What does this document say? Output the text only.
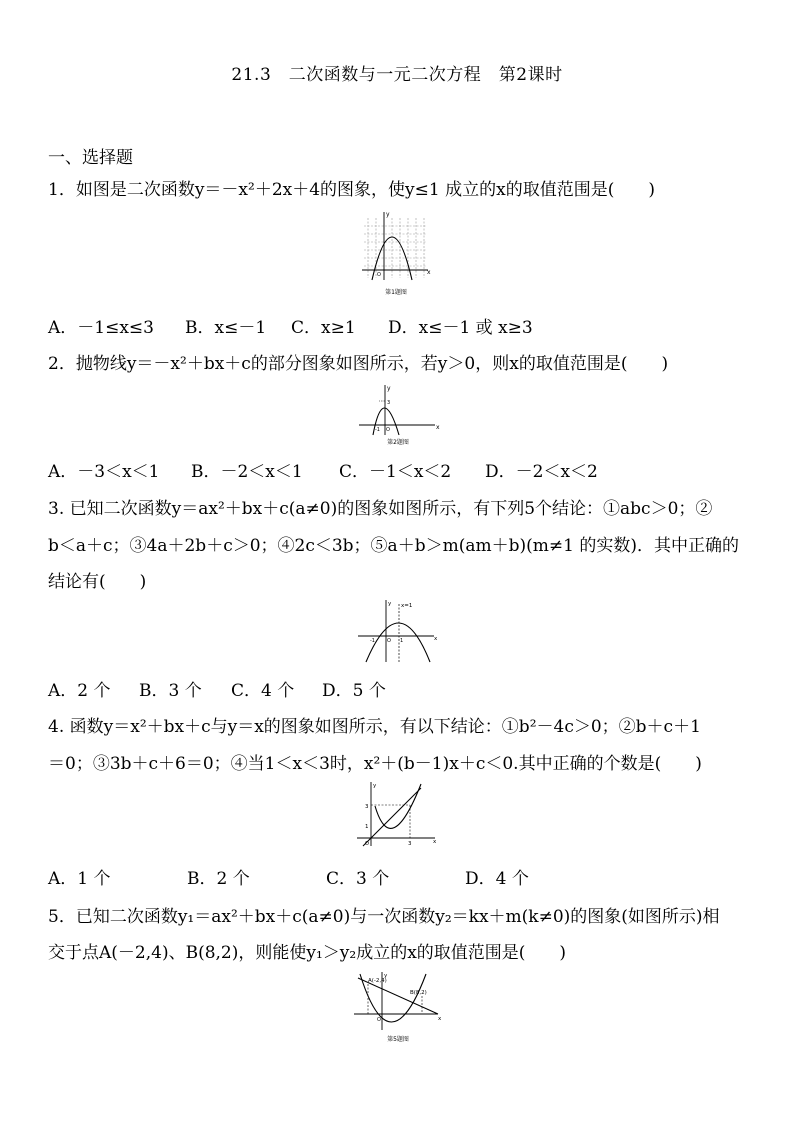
21.3　二次函数与一元二次方程　第2课时
一、选择题
1．如图是二次函数y＝－x²＋2x＋4的图象，使y≤1 成立的x的取值范围是(　　)
x
y
O
第1题图
A．－1≤x≤3 B．x≤－1 C．x≥1 D．x≤－1 或 x≥3
2．抛物线y＝－x²＋bx＋c的部分图象如图所示，若y＞0，则x的取值范围是(　　)
x
y
3
-1 O
第2题图
A．－3＜x＜1 B．－2＜x＜1 C．－1＜x＜2 D．－2＜x＜2
3. 已知二次函数y＝ax²＋bx＋c(a≠0)的图象如图所示，有下列5个结论：①abc＞0；②
b＜a＋c；③4a＋2b＋c＞0；④2c＜3b；⑤a＋b＞m(am＋b)(m≠1 的实数)．其中正确的
结论有(　　)
x=1
y
x
-1 O 1
A．2 个 B．3 个 C．4 个 D．5 个
4. 函数y＝x²＋bx＋c与y＝x的图象如图所示，有以下结论：①b²－4c＞0；②b＋c＋1
＝0；③3b＋c＋6＝0；④当1＜x＜3时，x²＋(b－1)x＋c＜0.其中正确的个数是(　　)
3
1
O	3
y
x
A．1 个	B．2 个	C．3 个	D．4 个
5．已知二次函数y₁＝ax²＋bx＋c(a≠0)与一次函数y₂＝kx＋m(k≠0)的图象(如图所示)相
交于点A(－2,4)、B(8,2)，则能使y₁＞y₂成立的x的取值范围是(　　)
A(-2,4)
B(8,2)
y
x
O
第5题图
